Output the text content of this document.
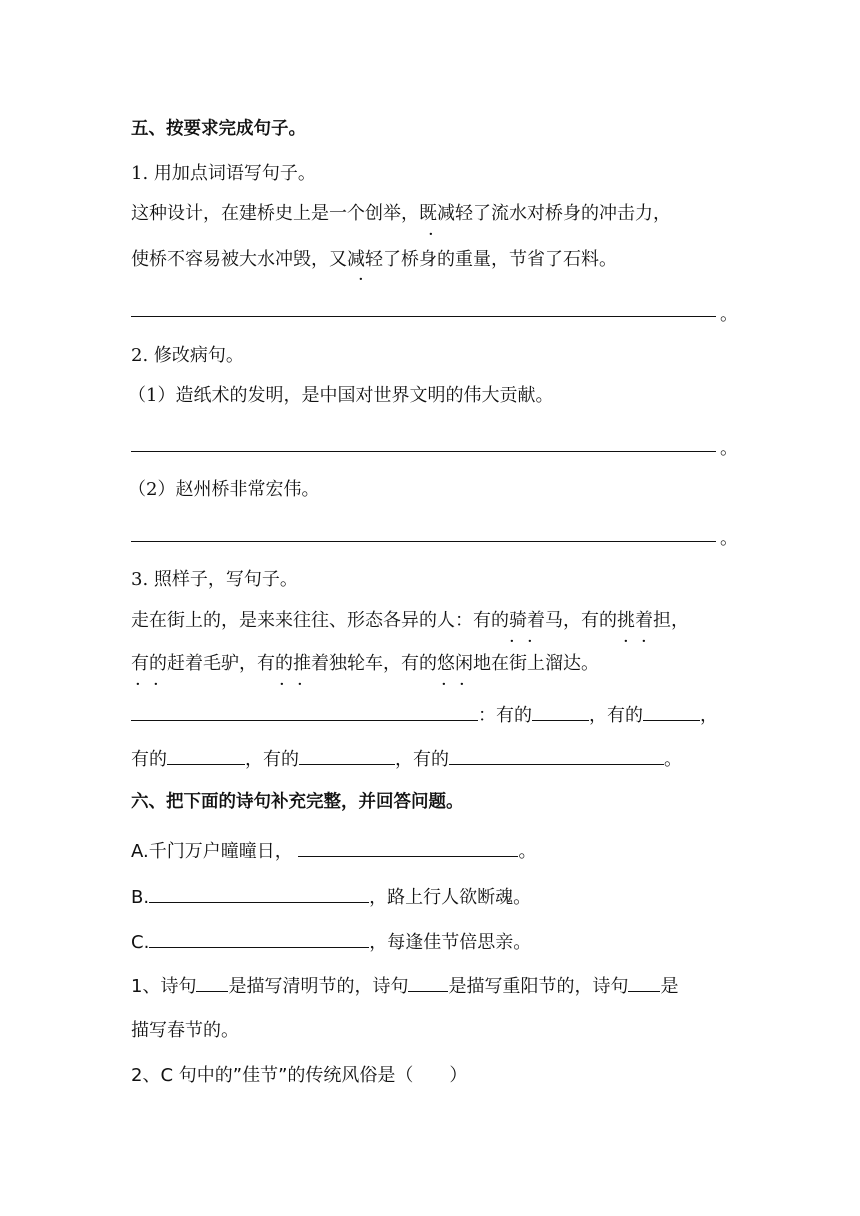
五、按要求完成句子。
1. 用加点词语写句子。
这种设计，在建桥史上是一个创举，既减轻了流水对桥身的冲击力，
·
使桥不容易被大水冲毁，又减轻了桥身的重量，节省了石料。
·
。
2. 修改病句。
（1）造纸术的发明，是中国对世界文明的伟大贡献。
。
（2）赵州桥非常宏伟。
。
3. 照样子，写句子。
走在街上的，是来来往往、形态各异的人：有的骑着马，有的挑着担，
· ·	· ·
有的赶着毛驴，有的推着独轮车，有的悠闲地在街上溜达。
· ·	· ·	· ·
：有的	，有的	，
有的	，有的	，有的	。
六、把下面的诗句补充完整，并回答问题。
A.千门万户曈曈日，	。
B.	，路上行人欲断魂。
C.	，每逢佳节倍思亲。
1、诗句 是描写清明节的，诗句 是描写重阳节的，诗句 是
描写春节的。
2、C 句中的”佳节”的传统风俗是（　　）
